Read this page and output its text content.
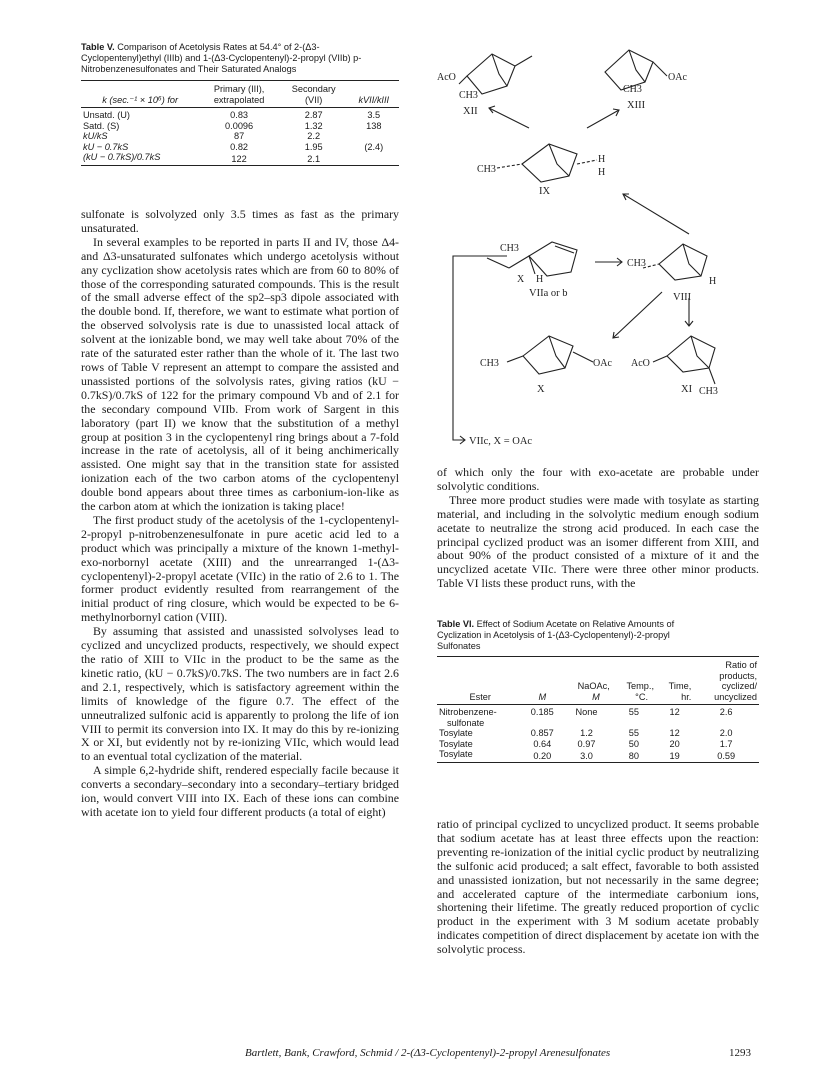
Table V. Comparison of Acetolysis Rates at 54.4° of 2-(Δ3-Cyclopentenyl)ethyl (IIIb) and 1-(Δ3-Cyclopentenyl)-2-propyl (VIIb) p-Nitrobenzenesulfonates and Their Saturated Analogs
	Primary (III),	Secondary	
k (sec.⁻¹ × 10⁶) for	extrapolated	(VII)	kVII/kIII
Unsatd. (U)	0.83	2.87	3.5
Satd. (S)	0.0096	1.32	138
kU/kS	87	2.2	
kU − 0.7kS	0.82	1.95	(2.4)
(kU − 0.7kS)/0.7kS	122	2.1	

sulfonate is solvolyzed only 3.5 times as fast as the primary unsaturated.

In several examples to be reported in parts II and IV, those Δ4- and Δ3-unsaturated sulfonates which undergo acetolysis without any cyclization show acetolysis rates which are from 60 to 80% of those of the corresponding saturated compounds. This is the result of the small adverse effect of the sp2–sp3 dipole associated with the double bond. If, therefore, we want to estimate what portion of the observed solvolysis rate is due to unassisted local attack of solvent at the ionizable bond, we may well take about 70% of the rate of the saturated ester rather than the whole of it. The last two rows of Table V represent an attempt to compare the assisted and unassisted portions of the solvolysis rates, giving ratios (kU − 0.7kS)/0.7kS of 122 for the primary compound Vb and of 2.1 for the secondary compound VIIb. From work of Sargent in this laboratory (part II) we know that the substitution of a methyl group at position 3 in the cyclopentenyl ring brings about a 7-fold increase in the rate of acetolysis, all of it being anchimerically assisted. One might say that in the transition state for assisted ionization each of the two carbon atoms of the cyclopentenyl double bond appears about three times as carbonium-ion-like as the carbon atom at which the ionization is taking place!

The first product study of the acetolysis of the 1-cyclopentenyl-2-propyl p-nitrobenzenesulfonate in pure acetic acid led to a product which was principally a mixture of the known 1-methyl-exo-norbornyl acetate (XIII) and the unrearranged 1-(Δ3-cyclopentenyl)-2-propyl acetate (VIIc) in the ratio of 2.6 to 1. The former product evidently resulted from rearrangement of the initial product of ring closure, which would be expected to be 6-methylnorbornyl cation (VIII).

By assuming that assisted and unassisted solvolyses lead to cyclized and uncyclized products, respectively, we should expect the ratio of XIII to VIIc in the product to be the same as the kinetic ratio, (kU − 0.7kS)/0.7kS. The two numbers are in fact 2.6 and 2.1, respectively, which is satisfactory agreement within the limits of knowledge of the figure 0.7. The effect of the unneutralized sulfonic acid is apparently to prolong the life of ion VIII to permit its conversion into IX. It may do this by re-ionizing X or XI, but evidently not by re-ionizing VIIc, which would lead to an eventual total cyclization of the material.

A simple 6,2-hydride shift, rendered especially facile because it converts a secondary–secondary into a secondary–tertiary bridged ion, would convert VIII into IX. Each of these ions can combine with acetate ion to yield four different products (a total of eight)

AcO
CH3
XII
OAc
CH3
XIII
CH3
H
H
IX
CH3
X H
VIIa or b
CH3
H
VIII
CH3	OAc
X
AcO
XI CH3
VIIc, X = OAc

of which only the four with exo-acetate are probable under solvolytic conditions.

Three more product studies were made with tosylate as starting material, and including in the solvolytic medium enough sodium acetate to neutralize the strong acid produced. In each case the principal cyclized product was an isomer different from XIII, and about 90% of the product consisted of a mixture of it and the uncyclized acetate VIIc. There were three other minor products. Table VI lists these product runs, with the

Table VI. Effect of Sodium Acetate on Relative Amounts of Cyclization in Acetolysis of 1-(Δ3-Cyclopentenyl)-2-propyl Sulfonates
					Ratio of
					products,
		NaOAc,	Temp.,	Time,	cyclized/
Ester	M	M	°C.	hr.	uncyclized
Nitrobenzene-	0.185	None	55	12	2.6
sulfonate					
Tosylate	0.857	1.2	55	12	2.0
Tosylate	0.64	0.97	50	20	1.7
Tosylate	0.20	3.0	80	19	0.59

ratio of principal cyclized to uncyclized product. It seems probable that sodium acetate has at least three effects upon the reaction: preventing re-ionization of the initial cyclic product by neutralizing the sulfonic acid produced; a salt effect, favorable to both assisted and unassisted ionization, but not necessarily in the same degree; and accelerated capture of the intermediate carbonium ions, shortening their lifetime. The greatly reduced proportion of cyclic product in the experiment with 3 M sodium acetate probably indicates competition of direct displacement by acetate ion with the solvolytic process.

Bartlett, Bank, Crawford, Schmid / 2-(Δ3-Cyclopentenyl)-2-propyl Arenesulfonates	1293
